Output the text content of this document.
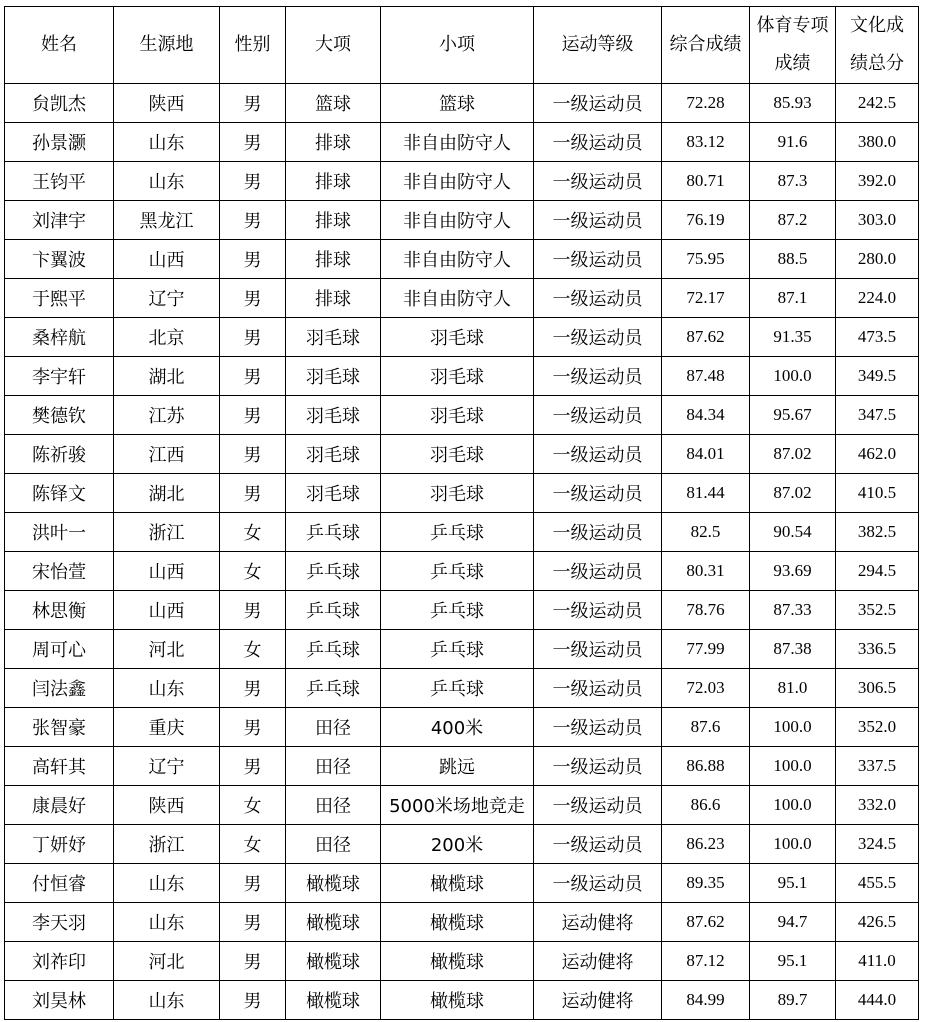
姓名	生源地	性别	大项	小项	运动等级	综合成绩	体育专项成绩	文化成绩总分
贠凯杰	陕西	男	篮球	篮球	一级运动员	72.28	85.93	242.5
孙景灏	山东	男	排球	非自由防守人	一级运动员	83.12	91.6	380.0
王钧平	山东	男	排球	非自由防守人	一级运动员	80.71	87.3	392.0
刘津宇	黑龙江	男	排球	非自由防守人	一级运动员	76.19	87.2	303.0
卞翼波	山西	男	排球	非自由防守人	一级运动员	75.95	88.5	280.0
于熙平	辽宁	男	排球	非自由防守人	一级运动员	72.17	87.1	224.0
桑梓航	北京	男	羽毛球	羽毛球	一级运动员	87.62	91.35	473.5
李宇轩	湖北	男	羽毛球	羽毛球	一级运动员	87.48	100.0	349.5
樊德钦	江苏	男	羽毛球	羽毛球	一级运动员	84.34	95.67	347.5
陈祈骏	江西	男	羽毛球	羽毛球	一级运动员	84.01	87.02	462.0
陈铎文	湖北	男	羽毛球	羽毛球	一级运动员	81.44	87.02	410.5
洪叶一	浙江	女	乒乓球	乒乓球	一级运动员	82.5	90.54	382.5
宋怡萱	山西	女	乒乓球	乒乓球	一级运动员	80.31	93.69	294.5
林思衡	山西	男	乒乓球	乒乓球	一级运动员	78.76	87.33	352.5
周可心	河北	女	乒乓球	乒乓球	一级运动员	77.99	87.38	336.5
闫法鑫	山东	男	乒乓球	乒乓球	一级运动员	72.03	81.0	306.5
张智豪	重庆	男	田径	400米	一级运动员	87.6	100.0	352.0
高轩其	辽宁	男	田径	跳远	一级运动员	86.88	100.0	337.5
康晨好	陕西	女	田径	5000米场地竞走	一级运动员	86.6	100.0	332.0
丁妍妤	浙江	女	田径	200米	一级运动员	86.23	100.0	324.5
付恒睿	山东	男	橄榄球	橄榄球	一级运动员	89.35	95.1	455.5
李天羽	山东	男	橄榄球	橄榄球	运动健将	87.62	94.7	426.5
刘祚印	河北	男	橄榄球	橄榄球	运动健将	87.12	95.1	411.0
刘昊林	山东	男	橄榄球	橄榄球	运动健将	84.99	89.7	444.0
